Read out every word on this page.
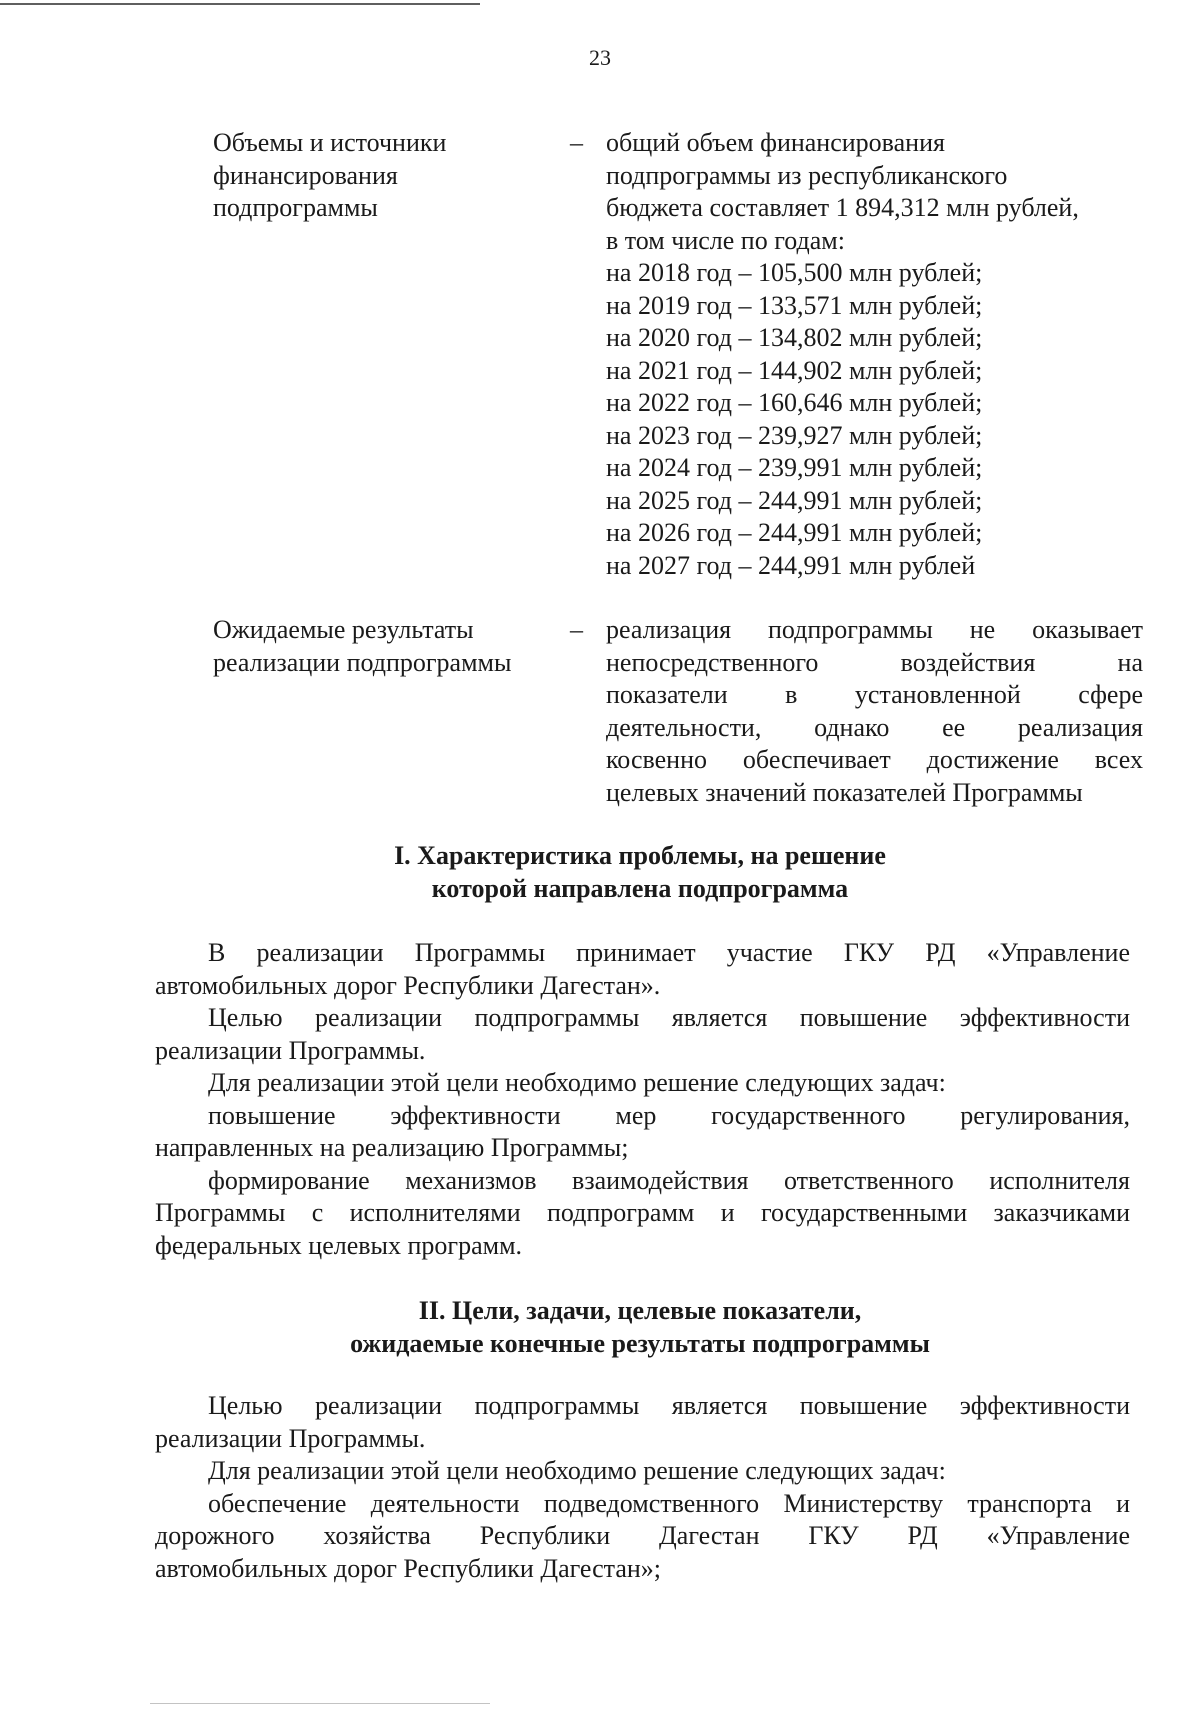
23
Объемы и источники
финансирования
подпрограммы
– общий объем финансирования
подпрограммы из республиканского
бюджета составляет 1 894,312 млн рублей,
в том числе по годам:
на 2018 год – 105,500 млн рублей;
на 2019 год – 133,571 млн рублей;
на 2020 год – 134,802 млн рублей;
на 2021 год – 144,902 млн рублей;
на 2022 год – 160,646 млн рублей;
на 2023 год – 239,927 млн рублей;
на 2024 год – 239,991 млн рублей;
на 2025 год – 244,991 млн рублей;
на 2026 год – 244,991 млн рублей;
на 2027 год – 244,991 млн рублей
Ожидаемые результаты
реализации подпрограммы
– реализация подпрограммы не оказывает
непосредственного воздействия на
показатели в установленной сфере
деятельности, однако ее реализация
косвенно обеспечивает достижение всех
целевых значений показателей Программы
I. Характеристика проблемы, на решение
которой направлена подпрограмма
В реализации Программы принимает участие ГКУ РД «Управление
автомобильных дорог Республики Дагестан».
Целью реализации подпрограммы является повышение эффективности
реализации Программы.
Для реализации этой цели необходимо решение следующих задач:
повышение эффективности мер государственного регулирования,
направленных на реализацию Программы;
формирование механизмов взаимодействия ответственного исполнителя
Программы с исполнителями подпрограмм и государственными заказчиками
федеральных целевых программ.
II. Цели, задачи, целевые показатели,
ожидаемые конечные результаты подпрограммы
Целью реализации подпрограммы является повышение эффективности
реализации Программы.
Для реализации этой цели необходимо решение следующих задач:
обеспечение деятельности подведомственного Министерству транспорта и
дорожного хозяйства Республики Дагестан ГКУ РД «Управление
автомобильных дорог Республики Дагестан»;
